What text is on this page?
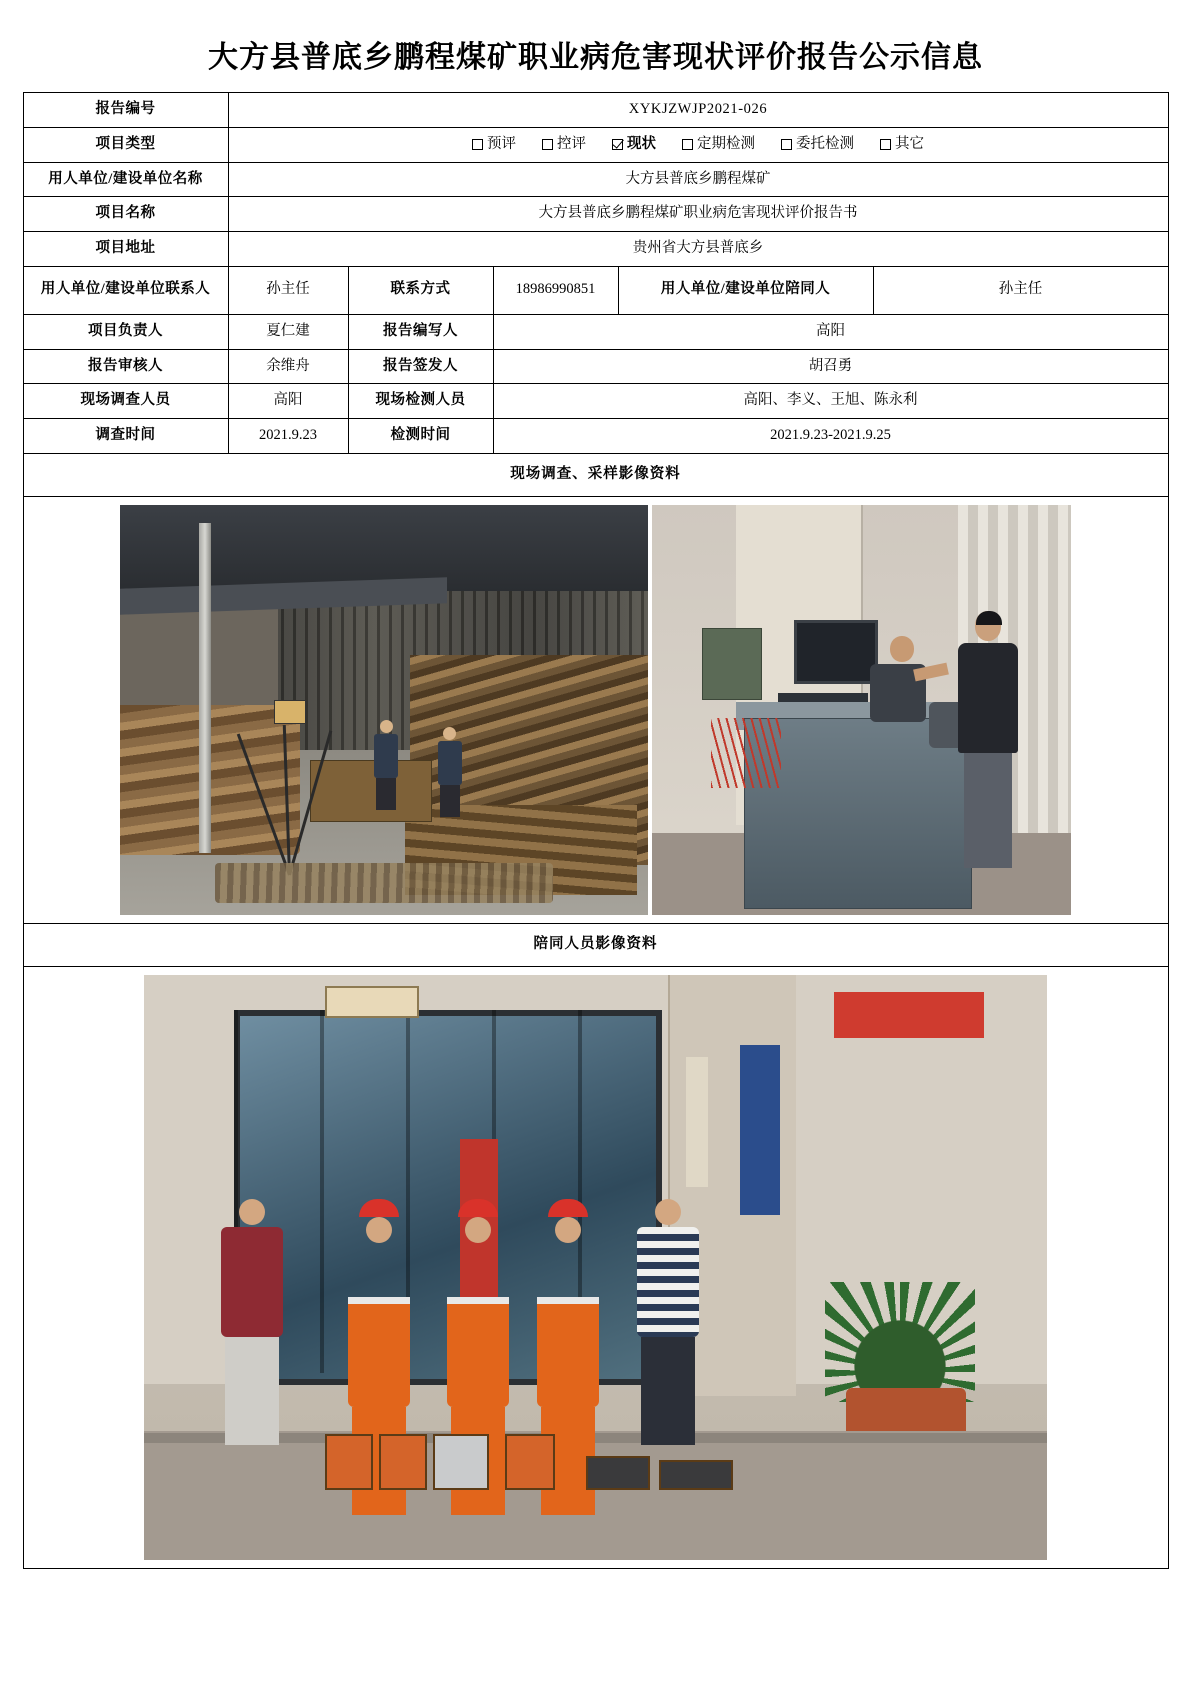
大方县普底乡鹏程煤矿职业病危害现状评价报告公示信息
报告编号	XYKJZWJP2021-026				
项目类型	预评	控评	现状	定期检测	委托检测	其它

用人单位/建设单位名称	大方县普底乡鹏程煤矿				
项目名称	大方县普底乡鹏程煤矿职业病危害现状评价报告书				
项目地址	贵州省大方县普底乡				
用人单位/建设单位联系人	孙主任	联系方式	18986990851	用人单位/建设单位陪同人	孙主任
项目负责人	夏仁建	报告编写人	高阳		
报告审核人	余维舟	报告签发人	胡召勇		
现场调查人员	高阳	现场检测人员	高阳、李义、王旭、陈永利		
调查时间	2021.9.23	检测时间	2021.9.23-2021.9.25		
现场调查、采样影像资料					

陪同人员影像资料					
